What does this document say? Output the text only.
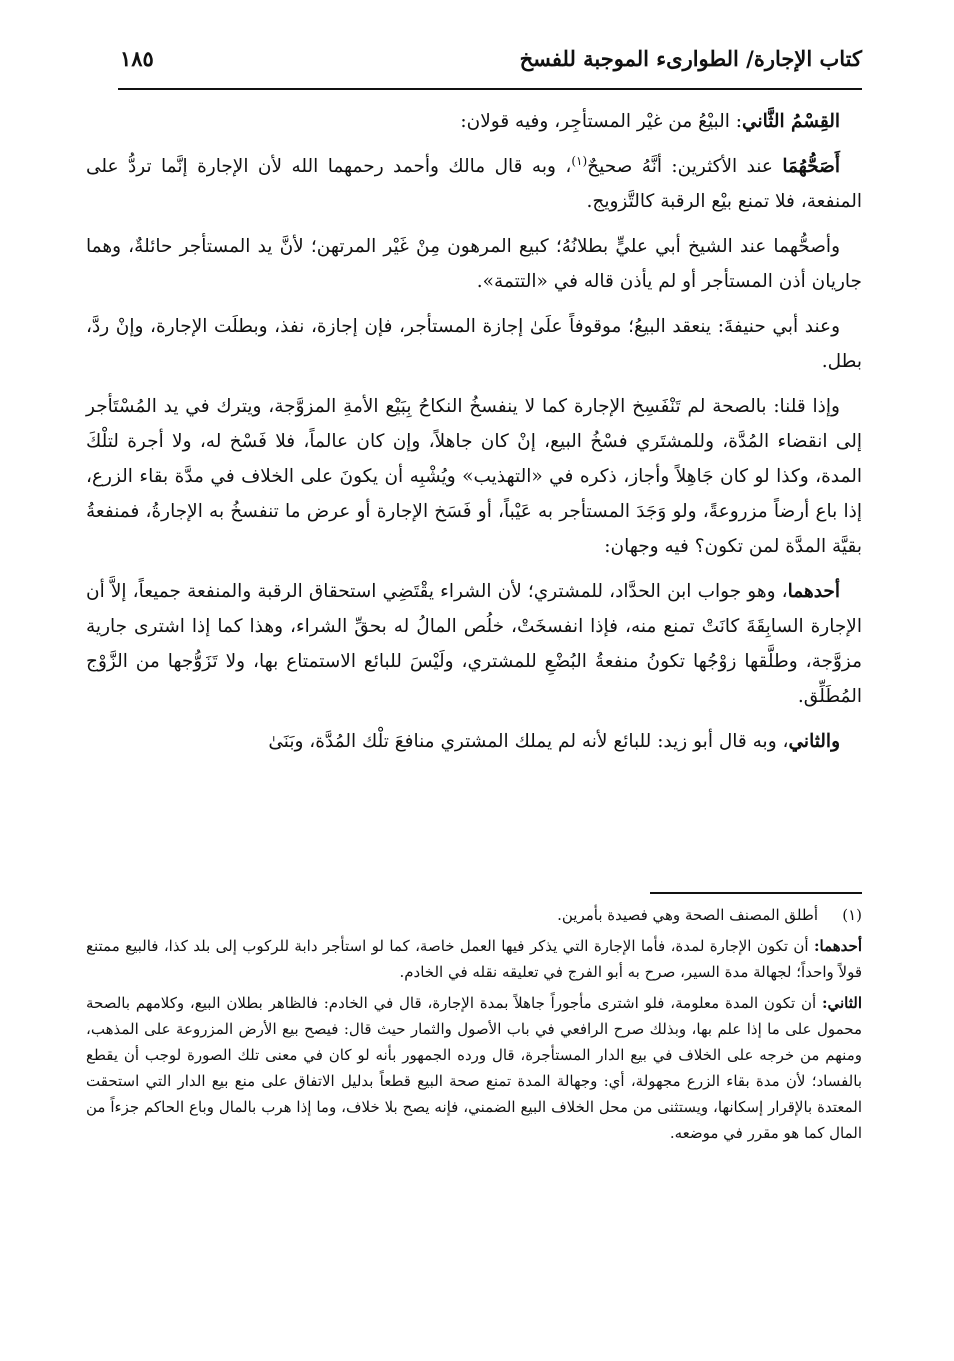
كتاب الإجارة/ الطوارىء الموجبة للفسخ
١٨٥

القِسْمُ الثَّاني: البيْعُ من غيْر المستأجِر، وفيه قولان:

أَصَحُّهُمَا عند الأكثرين: أنَّهُ صحيحٌ$^{(١)}$، وبه قال مالك وأحمد رحمهما الله لأن الإجارة إنَّما تردُّ على المنفعة، فلا تمنع بيْع الرقبة كالتَّزويج.

وأصحُّهما عند الشيخ أبي عليٍّ بطلانُهُ؛ كبيع المرهون مِنْ غَيْر المرتهن؛ لأنَّ يد المستأجر حائلةٌ، وهما جاريان أذن المستأجر أو لم يأذن قاله في «التتمة».

وعند أبي حنيفةَ: ينعقد البيعُ؛ موقوفاً علَىٰ إجازة المستأجر، فإن إجازة، نفذ، وبطلَت الإجارة، وإنْ ردَّ، بطل.

وإذا قلنا: بالصحة لم تَنْفَسِخ الإجارة كما لا ينفسخُ النكاحُ بِبَيْع الأمةِ المزوَّجة، ويترك في يد المُسْتَأجر إلى انقضاء المُدَّة، وللمشتَري فسْخُ البيع، إنْ كان جاهلاً، وإن كان عالماً، فلا فَسْخ له، ولا أجرة لتلْكَ المدة، وكذا لو كان جَاهِلاً وأجاز، ذكره في «التهذيب» ويُشْبِه أن يكونَ على الخلاف في مدَّة بقاء الزرع، إذا باع أرضاً مزروعةً، ولو وَجَدَ المستأجر به عَيْباً، أو فَسَخ الإجارة أو عرض ما تنفسخُ به الإجارةُ، فمنفعةُ بقيَّة المدَّة لمن تكون؟ فيه وجهان:

أحدهما، وهو جواب ابن الحدَّاد، للمشتري؛ لأن الشراء يقْتَضِي استحقاق الرقبة والمنفعة جميعاً، إلاَّ أن الإجارة السابِقَةَ كانَتْ تمنع منه، فإذا انفسخَتْ، خلُص المالُ له بحقِّ الشراء، وهذا كما إذا اشترى جارية مزوَّجة، وطلَّقها زوْجُها تكونُ منفعةُ البُضْعِ للمشتري، ولَيْسَ للبائع الاستمتاع بها، ولا تَزَوُّجها من الزَّوْج المُطَلِّق.

والثاني، وبه قال أبو زيد: للبائع لأنه لم يملك المشتري منافعَ تلْك المُدَّة، وبَنَىٰ

(١)أطلق المصنف الصحة وهي فصيدة بأمرين.

أحدهما: أن تكون الإجارة لمدة، فأما الإجارة التي يذكر فيها العمل خاصة، كما لو استأجر دابة للركوب إلى بلد كذا، فالبيع ممتنع قولاً واحداً؛ لجهالة مدة السير، صرح به أبو الفرج في تعليقه نقله في الخادم.

الثاني: أن تكون المدة معلومة، فلو اشترى مأجوراً جاهلاً بمدة الإجارة، قال في الخادم: فالظاهر بطلان البيع، وكلامهم بالصحة محمول على ما إذا علم بها، وبذلك صرح الرافعي في باب الأصول والثمار حيث قال: فيصح بيع الأرض المزروعة على المذهب، ومنهم من خرجه على الخلاف في بيع الدار المستأجرة، قال ورده الجمهور بأنه لو كان في معنى تلك الصورة لوجب أن يقطع بالفساد؛ لأن مدة بقاء الزرع مجهولة، أي: وجهالة المدة تمنع صحة البيع قطعاً بدليل الاتفاق على منع بيع الدار التي استحقت المعتدة بالإقرار إسكانها، ويستثنى من محل الخلاف البيع الضمني، فإنه يصح بلا خلاف، وما إذا هرب بالمال وباع الحاكم جزءاً من المال كما هو مقرر في موضعه.
